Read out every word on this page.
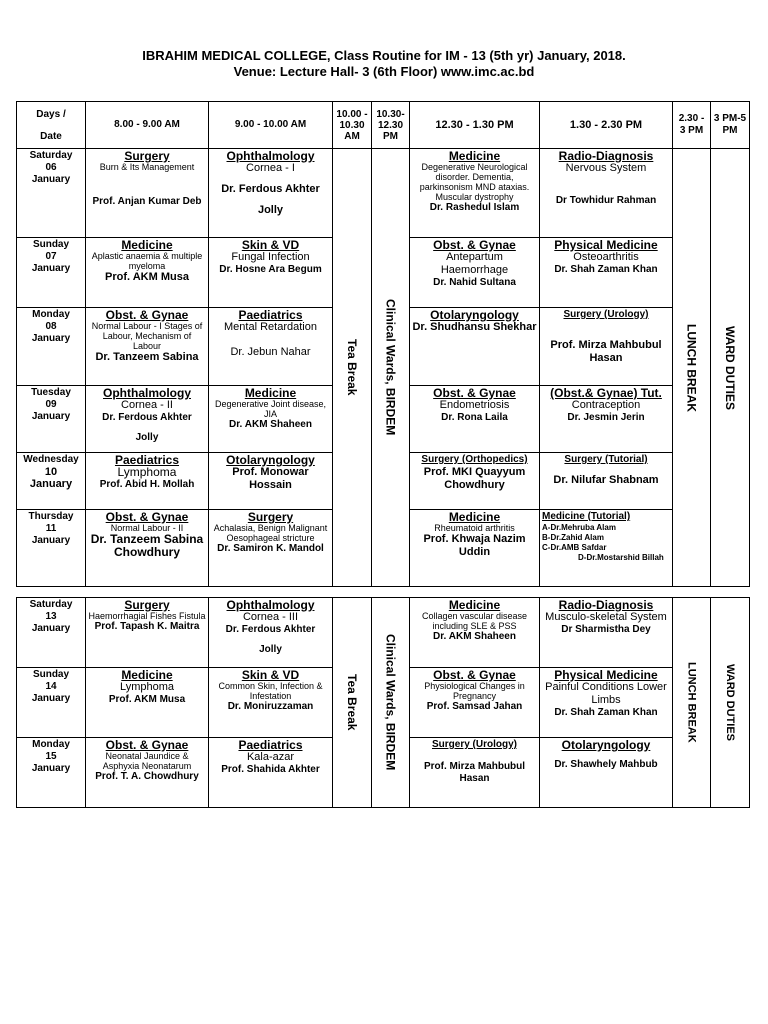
IBRAHIM MEDICAL COLLEGE, Class Routine for IM - 13 (5th yr) January, 2018.
Venue: Lecture Hall- 3 (6th Floor) www.imc.ac.bd
Days /

Date	8.00 - 9.00 AM	9.00 - 10.00 AM	10.00 - 10.30 AM	10.30-12.30 PM	12.30 - 1.30 PM	1.30 - 2.30 PM	2.30 - 3 PM	3 PM-5 PM

Saturday
06
January	Surgery
Burn & Its Management
Prof. Anjan Kumar Deb	Ophthalmology
Cornea - I
Dr. Ferdous Akhter
Jolly	Tea Break	Clinical Wards, BIRDEM	Medicine
Degenerative Neurological disorder. Dementia, parkinsonism MND ataxias. Muscular dystrophy
Dr. Rashedul Islam	Radio-Diagnosis
Nervous System
Dr Towhidur Rahman	LUNCH BREAK	WARD DUTIES

Sunday
07
January	Medicine
Aplastic anaemia & multiple myeloma
Prof. AKM Musa	Skin & VD
Fungal Infection
Dr. Hosne Ara Begum			Obst. & Gynae
Antepartum Haemorrhage
Dr. Nahid Sultana	Physical Medicine
Osteoarthritis
Dr. Shah Zaman Khan		

Monday
08
January	Obst. & Gynae
Normal Labour - I Stages of Labour, Mechanism of Labour
Dr. Tanzeem Sabina	Paediatrics
Mental Retardation
Dr. Jebun Nahar			Otolaryngology
Dr. Shudhansu Shekhar	Surgery (Urology)
Prof. Mirza Mahbubul Hasan		

Tuesday
09
January	Ophthalmology
Cornea - II
Dr. Ferdous Akhter
Jolly	Medicine
Degenerative Joint disease, JIA
Dr. AKM Shaheen			Obst. & Gynae
Endometriosis
Dr. Rona Laila	(Obst.& Gynae) Tut.
Contraception
Dr. Jesmin Jerin		

Wednesday
10
January	Paediatrics
Lymphoma
Prof. Abid H. Mollah	Otolaryngology
Prof. Monowar Hossain			Surgery (Orthopedics)
Prof. MKI Quayyum Chowdhury	Surgery (Tutorial)
Dr. Nilufar Shabnam		

Thursday
11
January	Obst. & Gynae
Normal Labour - II
Dr. Tanzeem Sabina Chowdhury	Surgery
Achalasia, Benign Malignant Oesophageal stricture
Dr. Samiron K. Mandol			Medicine
Rheumatoid arthritis
Prof. Khwaja Nazim Uddin	Medicine (Tutorial)
A-Dr.Mehruba Alam
B-Dr.Zahid Alam
C-Dr.AMB Safdar
D-Dr.Mostarshid Billah		
Saturday
13
January	Surgery
Haemorrhagial Fishes Fistula
Prof. Tapash K. Maitra	Ophthalmology
Cornea - III
Dr. Ferdous Akhter
Jolly	Tea Break	Clinical Wards, BIRDEM	Medicine
Collagen vascular disease including SLE & PSS
Dr. AKM Shaheen	Radio-Diagnosis
Musculo-skeletal System
Dr Sharmistha Dey	LUNCH BREAK	WARD DUTIES

Sunday
14
January	Medicine
Lymphoma
Prof. AKM Musa	Skin & VD
Common Skin, Infection & Infestation
Dr. Moniruzzaman			Obst. & Gynae
Physiological Changes in Pregnancy
Prof. Samsad Jahan	Physical Medicine
Painful Conditions Lower Limbs
Dr. Shah Zaman Khan		

Monday
15
January	Obst. & Gynae
Neonatal Jaundice & Asphyxia Neonatarum
Prof. T. A. Chowdhury	Paediatrics
Kala-azar
Prof. Shahida Akhter			Surgery (Urology)
Prof. Mirza Mahbubul Hasan	Otolaryngology
Dr. Shawhely Mahbub		
